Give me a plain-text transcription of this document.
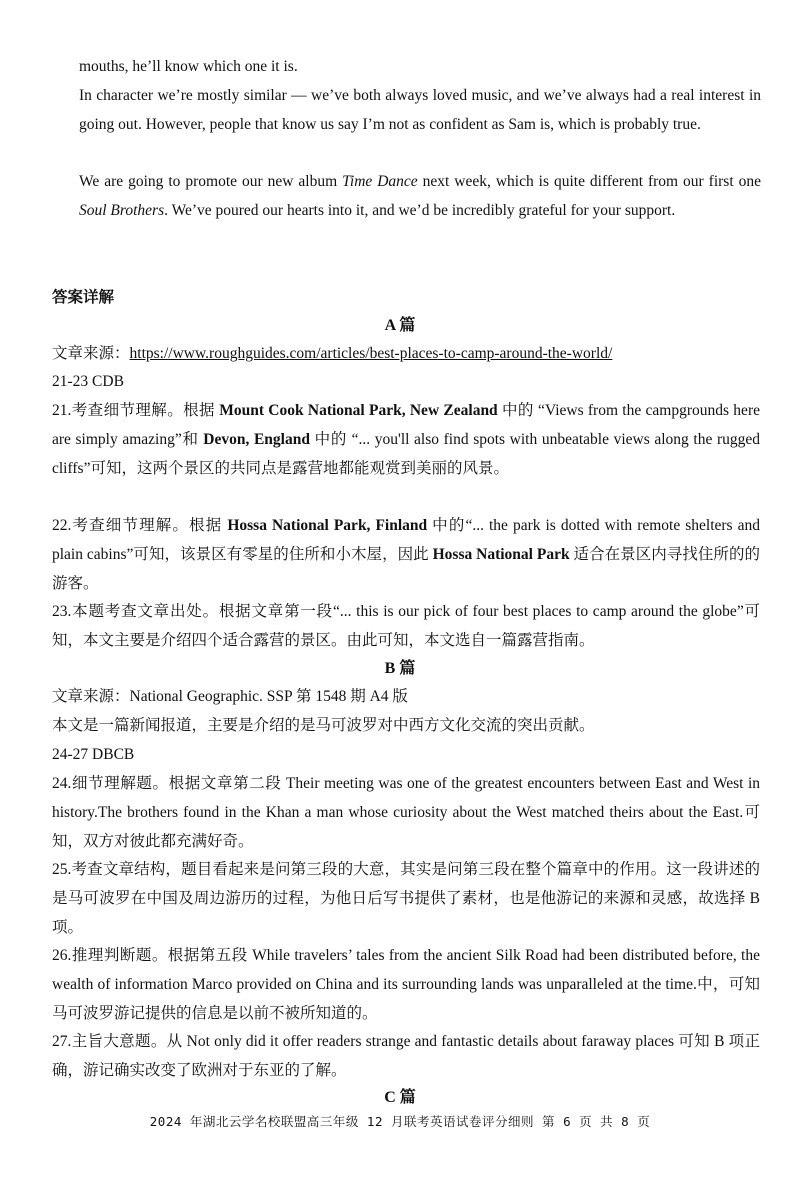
mouths, he’ll know which one it is.

In character we’re mostly similar — we’ve both always loved music, and we’ve always had a real interest in going out. However, people that know us say I’m not as confident as Sam is, which is probably true.

We are going to promote our new album Time Dance next week, which is quite different from our first one Soul Brothers. We’ve poured our hearts into it, and we’d be incredibly grateful for your support.

答案详解
A 篇

文章来源：https://www.roughguides.com/articles/best-places-to-camp-around-the-world/

21-23 CDB

21.考查细节理解。根据 Mount Cook National Park, New Zealand 中的 “Views from the campgrounds here are simply amazing”和 Devon, England 中的 “... you'll also find spots with unbeatable views along the rugged cliffs”可知，这两个景区的共同点是露营地都能观赏到美丽的风景。

22.考查细节理解。根据 Hossa National Park, Finland 中的“... the park is dotted with remote shelters and plain cabins”可知，该景区有零星的住所和小木屋，因此 Hossa National Park 适合在景区内寻找住所的的游客。

23.本题考查文章出处。根据文章第一段“... this is our pick of four best places to camp around the globe”可知，本文主要是介绍四个适合露营的景区。由此可知，本文选自一篇露营指南。

B 篇

文章来源：National Geographic. SSP 第 1548 期 A4 版

本文是一篇新闻报道，主要是介绍的是马可波罗对中西方文化交流的突出贡献。

24-27 DBCB

24.细节理解题。根据文章第二段 Their meeting was one of the greatest encounters between East and West in history.The brothers found in the Khan a man whose curiosity about the West matched theirs about the East.可知，双方对彼此都充满好奇。

25.考查文章结构，题目看起来是问第三段的大意，其实是问第三段在整个篇章中的作用。这一段讲述的是马可波罗在中国及周边游历的过程，为他日后写书提供了素材，也是他游记的来源和灵感，故选择 B 项。

26.推理判断题。根据第五段 While travelers’ tales from the ancient Silk Road had been distributed before, the wealth of information Marco provided on China and its surrounding lands was unparalleled at the time.中，可知马可波罗游记提供的信息是以前不被所知道的。

27.主旨大意题。从 Not only did it offer readers strange and fantastic details about faraway places 可知 B 项正确，游记确实改变了欧洲对于东亚的了解。

C 篇
2024 年湖北云学名校联盟高三年级 12 月联考英语试卷评分细则 第 6 页 共 8 页
